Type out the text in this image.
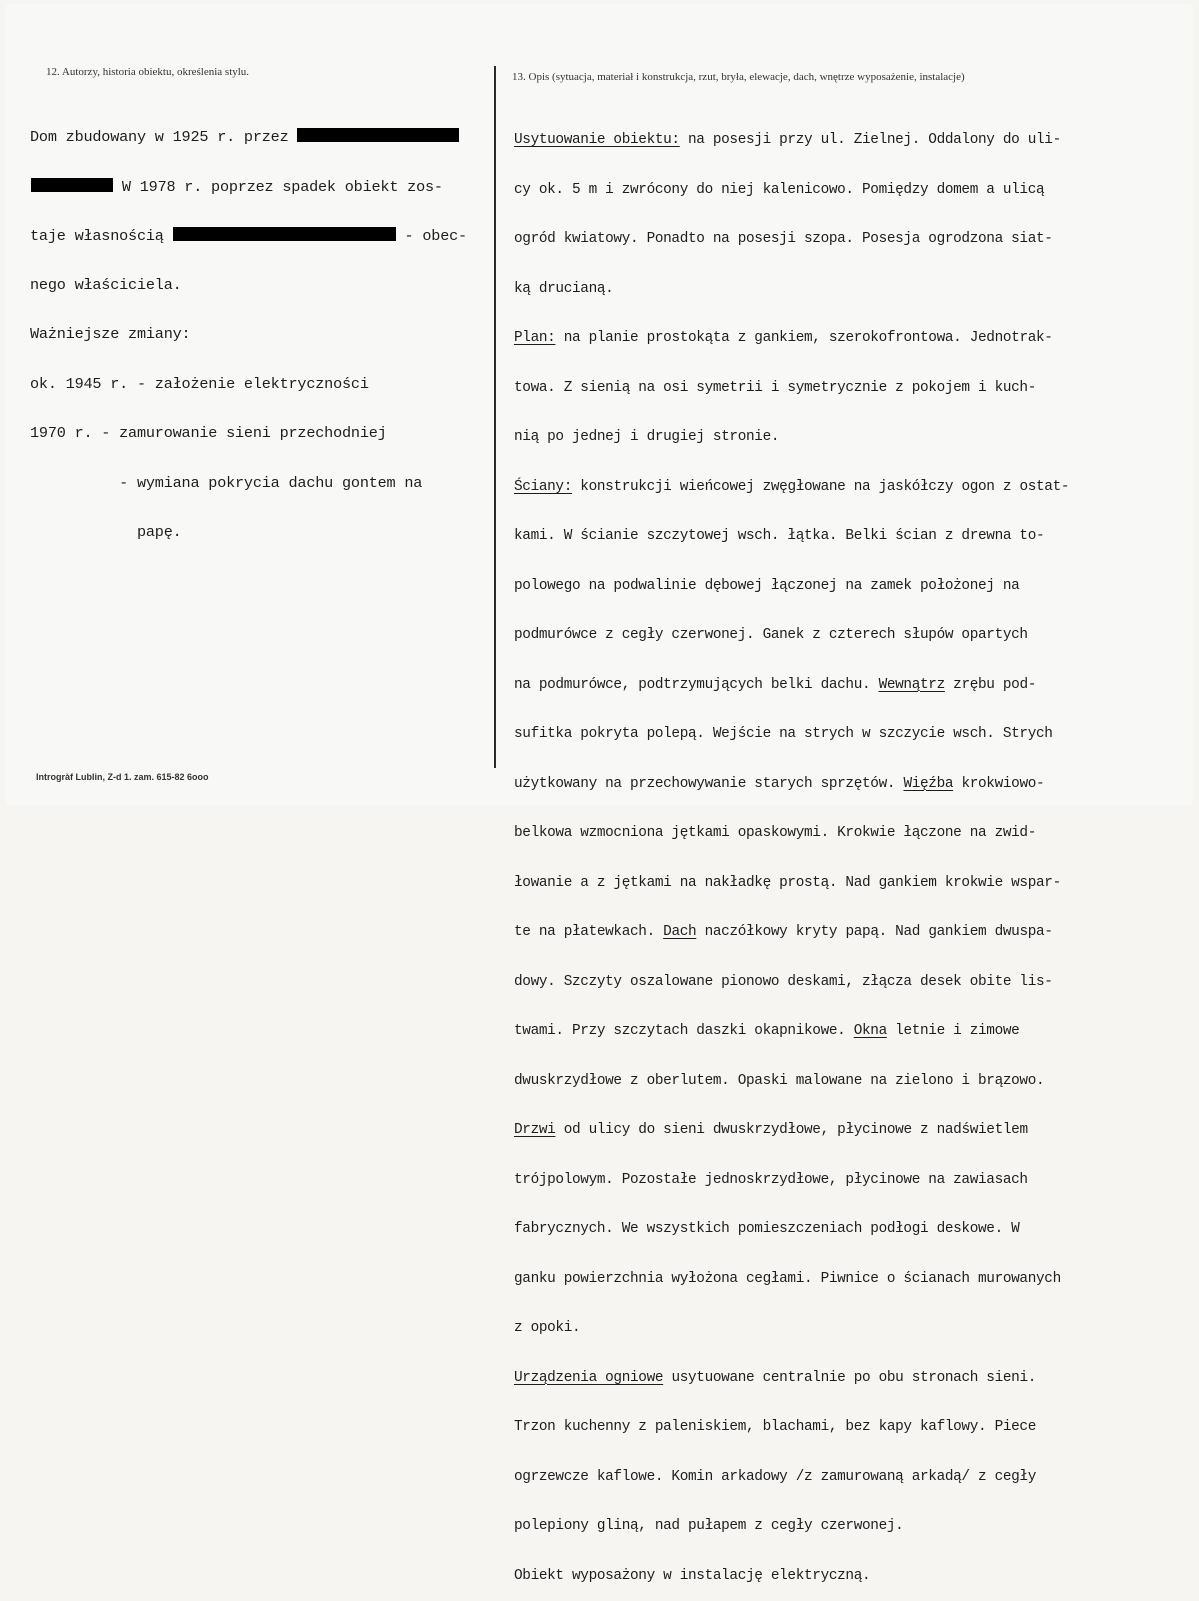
12. Autorzy, historia obiektu, określenia stylu.	13. Opis (sytuacja, materiał i konstrukcja, rzut, bryła, elewacje, dach, wnętrze wyposażenie, instalacje)

Dom zbudowany w 1925 r. przez

W 1978 r. poprzez spadek obiekt zos-

taje własnością	- obec-

nego właściciela.

Ważniejsze zmiany:

ok. 1945 r. - założenie elektryczności

1970 r. - zamurowanie sieni przechodniej

- wymiana pokrycia dachu gontem na

papę.

Usytuowanie obiektu: na posesji przy ul. Zielnej. Oddalony do uli-

cy ok. 5 m i zwrócony do niej kalenicowo. Pomiędzy domem a ulicą

ogród kwiatowy. Ponadto na posesji szopa. Posesja ogrodzona siat-

ką drucianą.

Plan: na planie prostokąta z gankiem, szerokofrontowa. Jednotrak-

towa. Z sienią na osi symetrii i symetrycznie z pokojem i kuch-

nią po jednej i drugiej stronie.

Ściany: konstrukcji wieńcowej zwęgłowane na jaskółczy ogon z ostat-

kami. W ścianie szczytowej wsch. łątka. Belki ścian z drewna to-

polowego na podwalinie dębowej łączonej na zamek położonej na

podmurówce z cegły czerwonej. Ganek z czterech słupów opartych

na podmurówce, podtrzymujących belki dachu. Wewnątrz zrębu pod-

sufitka pokryta polepą. Wejście na strych w szczycie wsch. Strych

użytkowany na przechowywanie starych sprzętów. Więźba krokwiowo-

belkowa wzmocniona jętkami opaskowymi. Krokwie łączone na zwid-

łowanie a z jętkami na nakładkę prostą. Nad gankiem krokwie wspar-

te na płatewkach. Dach naczółkowy kryty papą. Nad gankiem dwuspa-

dowy. Szczyty oszalowane pionowo deskami, złącza desek obite lis-

twami. Przy szczytach daszki okapnikowe. Okna letnie i zimowe

dwuskrzydłowe z oberlutem. Opaski malowane na zielono i brązowo.

Drzwi od ulicy do sieni dwuskrzydłowe, płycinowe z nadświetlem

trójpolowym. Pozostałe jednoskrzydłowe, płycinowe na zawiasach

fabrycznych. We wszystkich pomieszczeniach podłogi deskowe. W

ganku powierzchnia wyłożona cegłami. Piwnice o ścianach murowanych

z opoki.

Urządzenia ogniowe usytuowane centralnie po obu stronach sieni.

Trzon kuchenny z paleniskiem, blachami, bez kapy kaflowy. Piece

ogrzewcze kaflowe. Komin arkadowy /z zamurowaną arkadą/ z cegły

polepiony gliną, nad pułapem z cegły czerwonej.

Obiekt wyposażony w instalację elektryczną.

Introgràf Lublin, Z-d 1. zam. 615-82 6ooo
